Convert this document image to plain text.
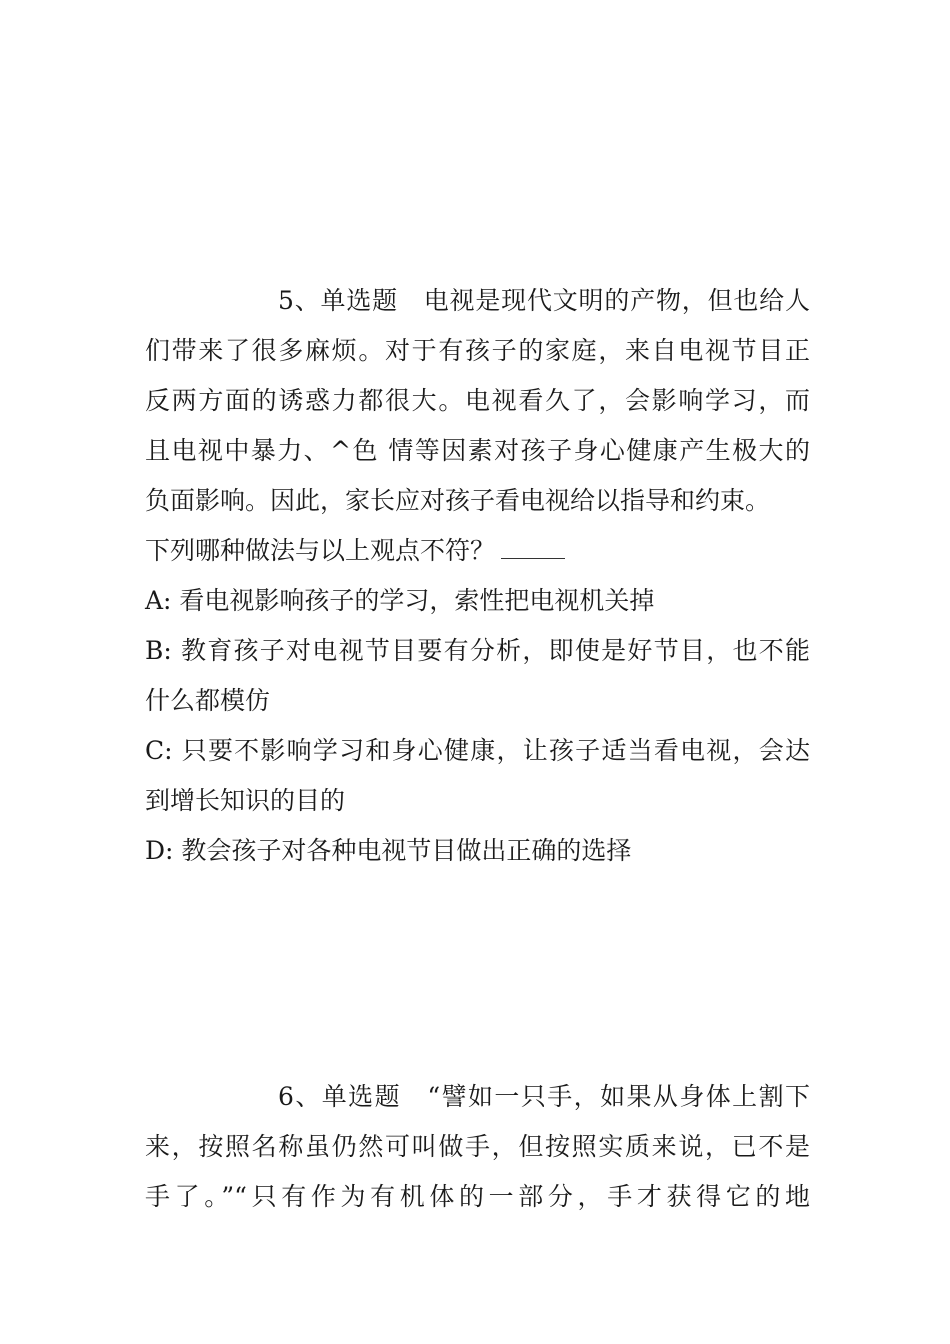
5、单选题　电视是现代文明的产物，但也给人
们带来了很多麻烦。对于有孩子的家庭，来自电视节目正
反两方面的诱惑力都很大。电视看久了，会影响学习，而
且电视中暴力、^色 情等因素对孩子身心健康产生极大的
负面影响。因此，家长应对孩子看电视给以指导和约束。
下列哪种做法与以上观点不符？
A: 看电视影响孩子的学习，索性把电视机关掉
B: 教育孩子对电视节目要有分析，即使是好节目，也不能
什么都模仿
C: 只要不影响学习和身心健康，让孩子适当看电视，会达
到增长知识的目的
D: 教会孩子对各种电视节目做出正确的选择
6、单选题　“譬如一只手，如果从身体上割下
来，按照名称虽仍然可叫做手，但按照实质来说，已不是
手了。”“只有作为有机体的一部分，手才获得它的地
